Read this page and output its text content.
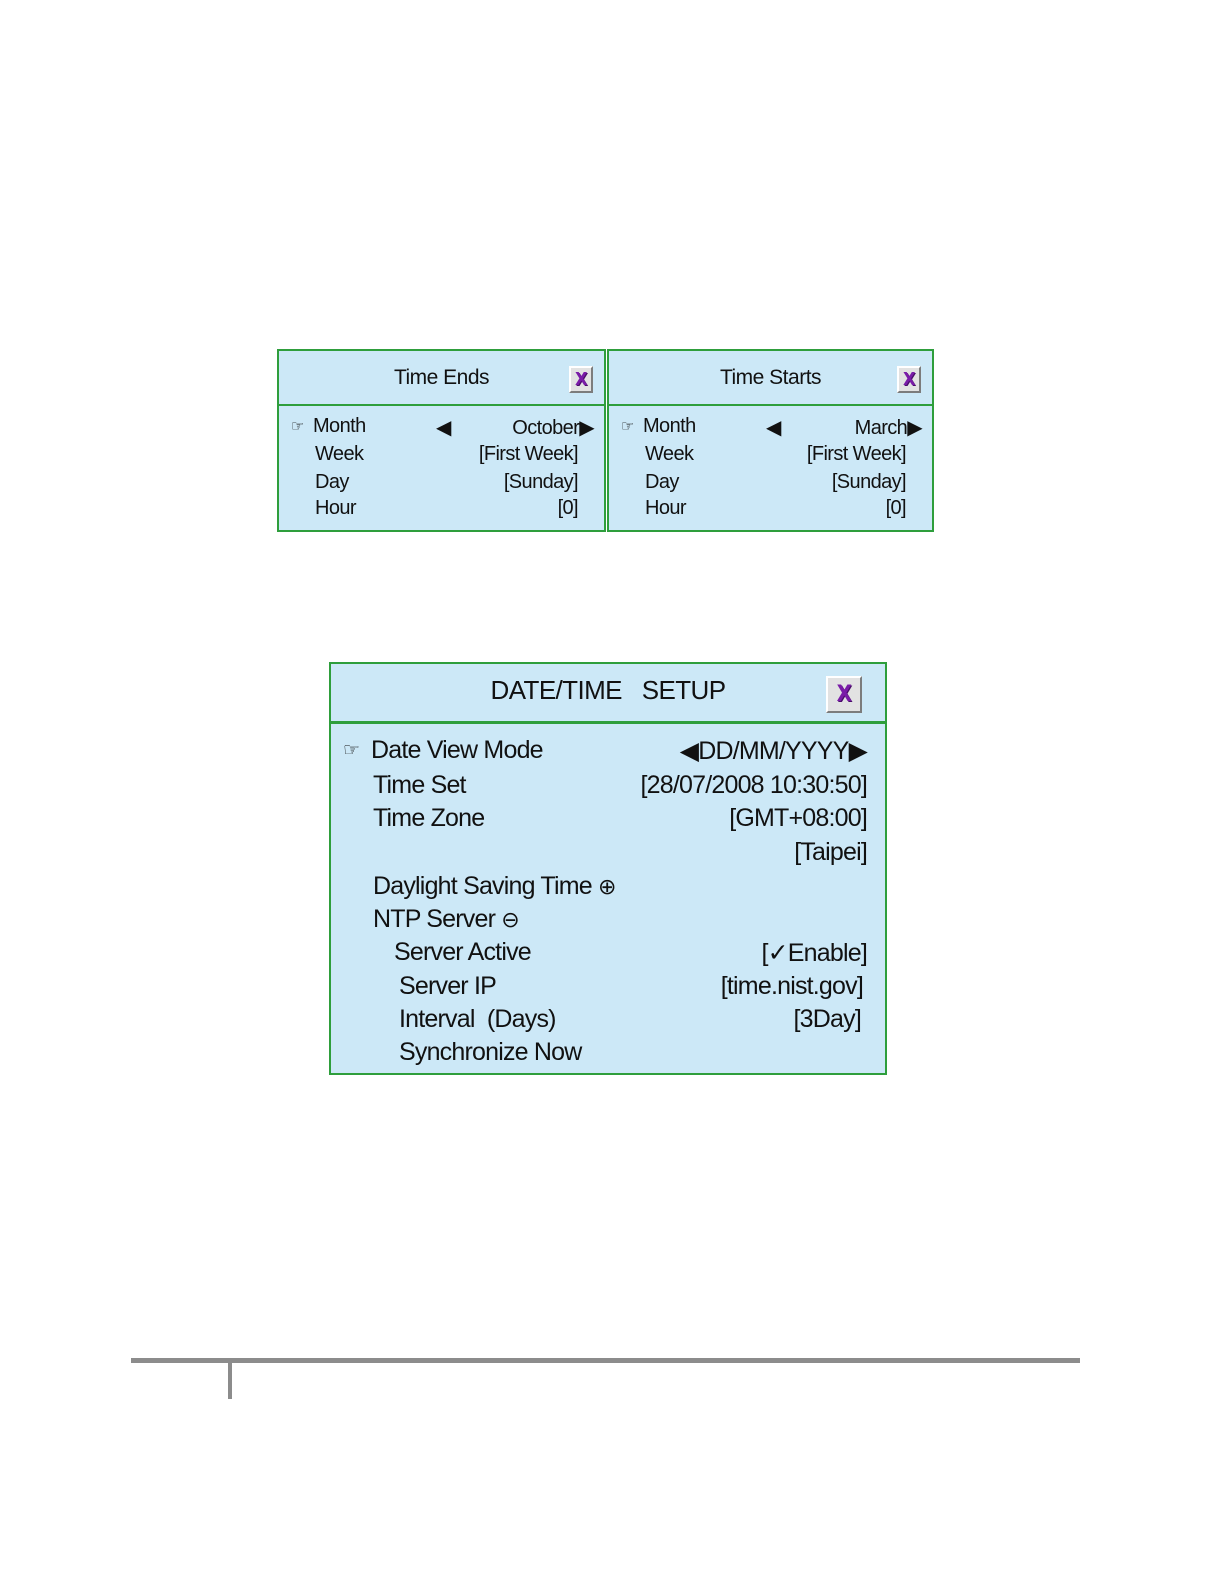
Time Ends	X
☞ Month	◀	October▶
Week	[First Week]
Day	[Sunday]
Hour	[0]
Time Starts	X
☞ Month	◀	March▶
Week	[First Week]
Day	[Sunday]
Hour	[0]
DATE/TIME   SETUP	X
☞ Date View Mode	◀DD/MM/YYYY▶
Time Set	[28/07/2008 10:30:50]
Time Zone	[GMT+08:00]
[Taipei]
Daylight Saving Time ⊕
NTP Server ⊖
Server Active	[✓Enable]
Server IP	[time.nist.gov]
Interval  (Days)	[3Day]
Synchronize Now
